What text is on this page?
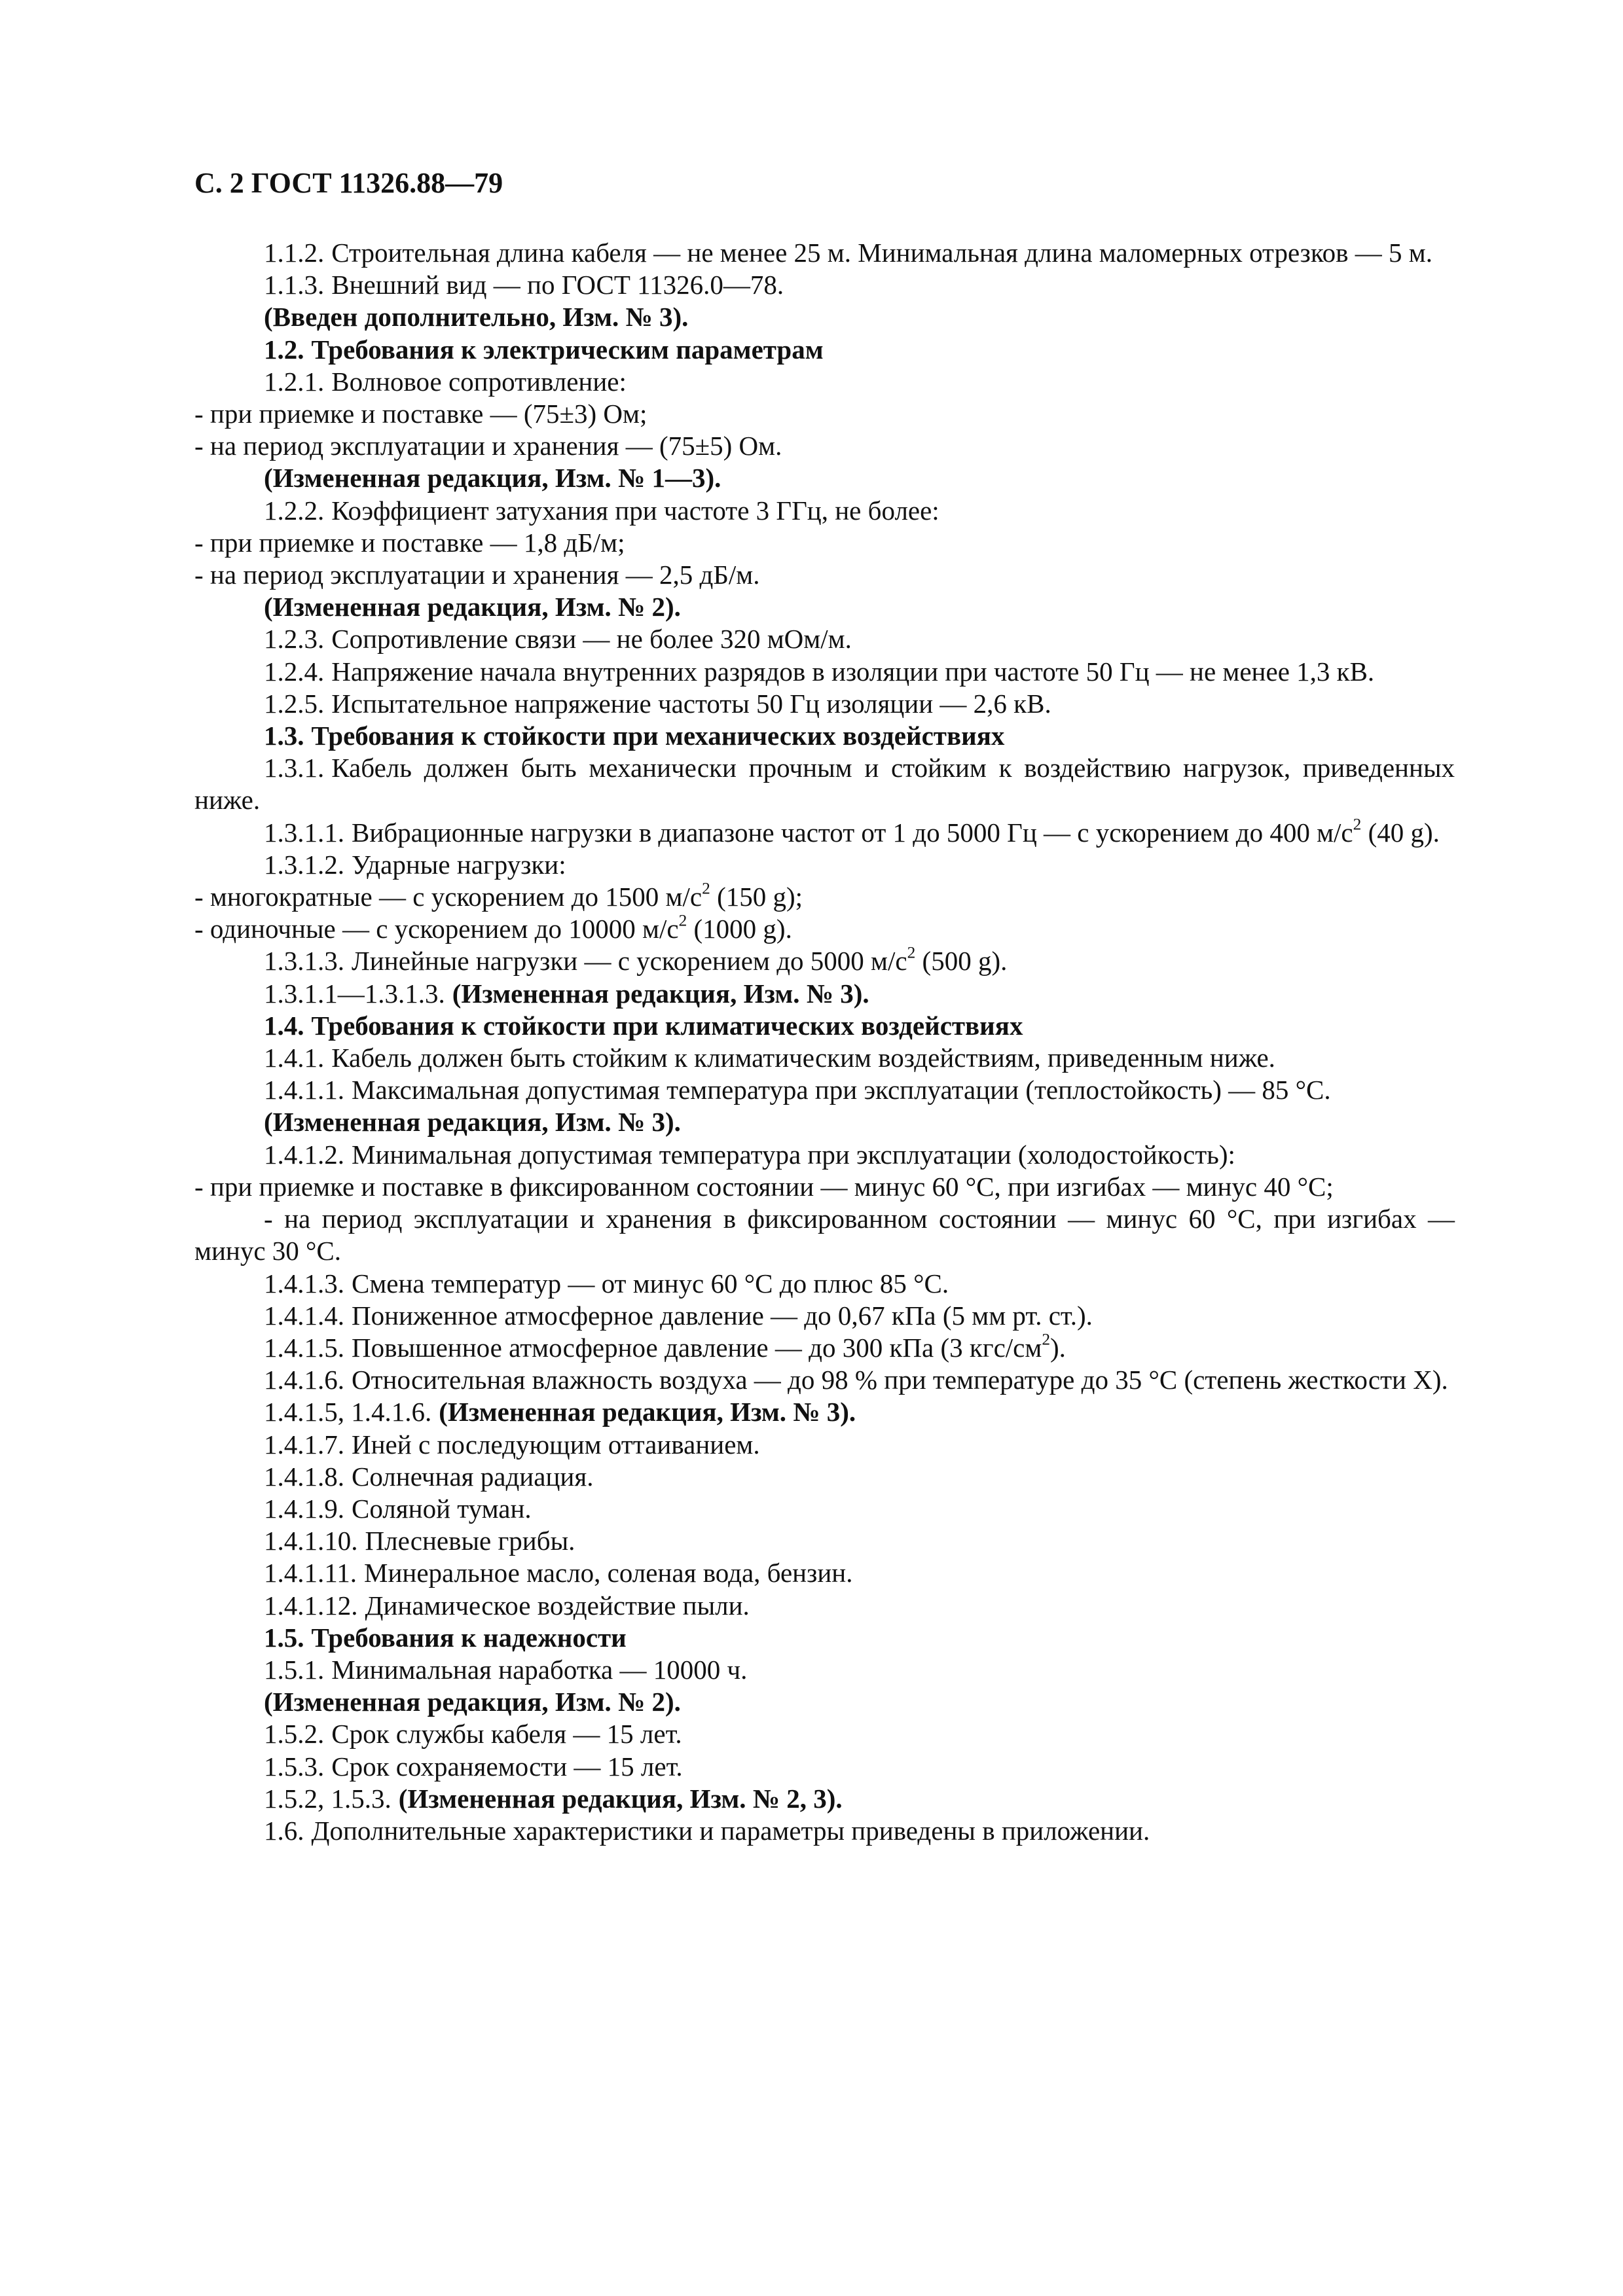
С. 2 ГОСТ 11326.88—79

1.1.2. Строительная длина кабеля — не менее 25 м. Минимальная длина маломерных отрезков — 5 м.

1.1.3. Внешний вид — по ГОСТ 11326.0—78.

(Введен дополнительно, Изм. № 3).

1.2. Требования к электрическим параметрам

1.2.1. Волновое сопротивление:

- при приемке и поставке — (75±3) Ом;

- на период эксплуатации и хранения — (75±5) Ом.

(Измененная редакция, Изм. № 1—3).

1.2.2. Коэффициент затухания при частоте 3 ГГц, не более:

- при приемке и поставке — 1,8 дБ/м;

- на период эксплуатации и хранения — 2,5 дБ/м.

(Измененная редакция, Изм. № 2).

1.2.3. Сопротивление связи — не более 320 мОм/м.

1.2.4. Напряжение начала внутренних разрядов в изоляции при частоте 50 Гц — не менее 1,3 кВ.

1.2.5. Испытательное напряжение частоты 50 Гц изоляции — 2,6 кВ.

1.3. Требования к стойкости при механических воздействиях

1.3.1. Кабель должен быть механически прочным и стойким к воздействию нагрузок, приведенных ниже.

1.3.1.1. Вибрационные нагрузки в диапазоне частот от 1 до 5000 Гц — с ускорением до 400 $м/с^2$ (40 g).

1.3.1.2. Ударные нагрузки:

- многократные — с ускорением до 1500 $м/с^2$ (150 g);

- одиночные — с ускорением до 10000 $м/с^2$ (1000 g).

1.3.1.3. Линейные нагрузки — с ускорением до 5000 $м/с^2$ (500 g).

1.3.1.1—1.3.1.3. (Измененная редакция, Изм. № 3).

1.4. Требования к стойкости при климатических воздействиях

1.4.1. Кабель должен быть стойким к климатическим воздействиям, приведенным ниже.

1.4.1.1. Максимальная допустимая температура при эксплуатации (теплостойкость) — 85 °С.

(Измененная редакция, Изм. № 3).

1.4.1.2. Минимальная допустимая температура при эксплуатации (холодостойкость):

- при приемке и поставке в фиксированном состоянии — минус 60 °С, при изгибах — минус 40 °С;

- на период эксплуатации и хранения в фиксированном состоянии — минус 60 °С, при изгибах — минус 30 °С.

1.4.1.3. Смена температур — от минус 60 °С до плюс 85 °С.

1.4.1.4. Пониженное атмосферное давление — до 0,67 кПа (5 мм рт. ст.).

1.4.1.5. Повышенное атмосферное давление — до 300 кПа (3 кгс/$см^2$).

1.4.1.6. Относительная влажность воздуха — до 98 % при температуре до 35 °С (степень жесткости Х).

1.4.1.5, 1.4.1.6. (Измененная редакция, Изм. № 3).

1.4.1.7. Иней с последующим оттаиванием.

1.4.1.8. Солнечная радиация.

1.4.1.9. Соляной туман.

1.4.1.10. Плесневые грибы.

1.4.1.11. Минеральное масло, соленая вода, бензин.

1.4.1.12. Динамическое воздействие пыли.

1.5. Требования к надежности

1.5.1. Минимальная наработка — 10000 ч.

(Измененная редакция, Изм. № 2).

1.5.2. Срок службы кабеля — 15 лет.

1.5.3. Срок сохраняемости — 15 лет.

1.5.2, 1.5.3. (Измененная редакция, Изм. № 2, 3).

1.6. Дополнительные характеристики и параметры приведены в приложении.
